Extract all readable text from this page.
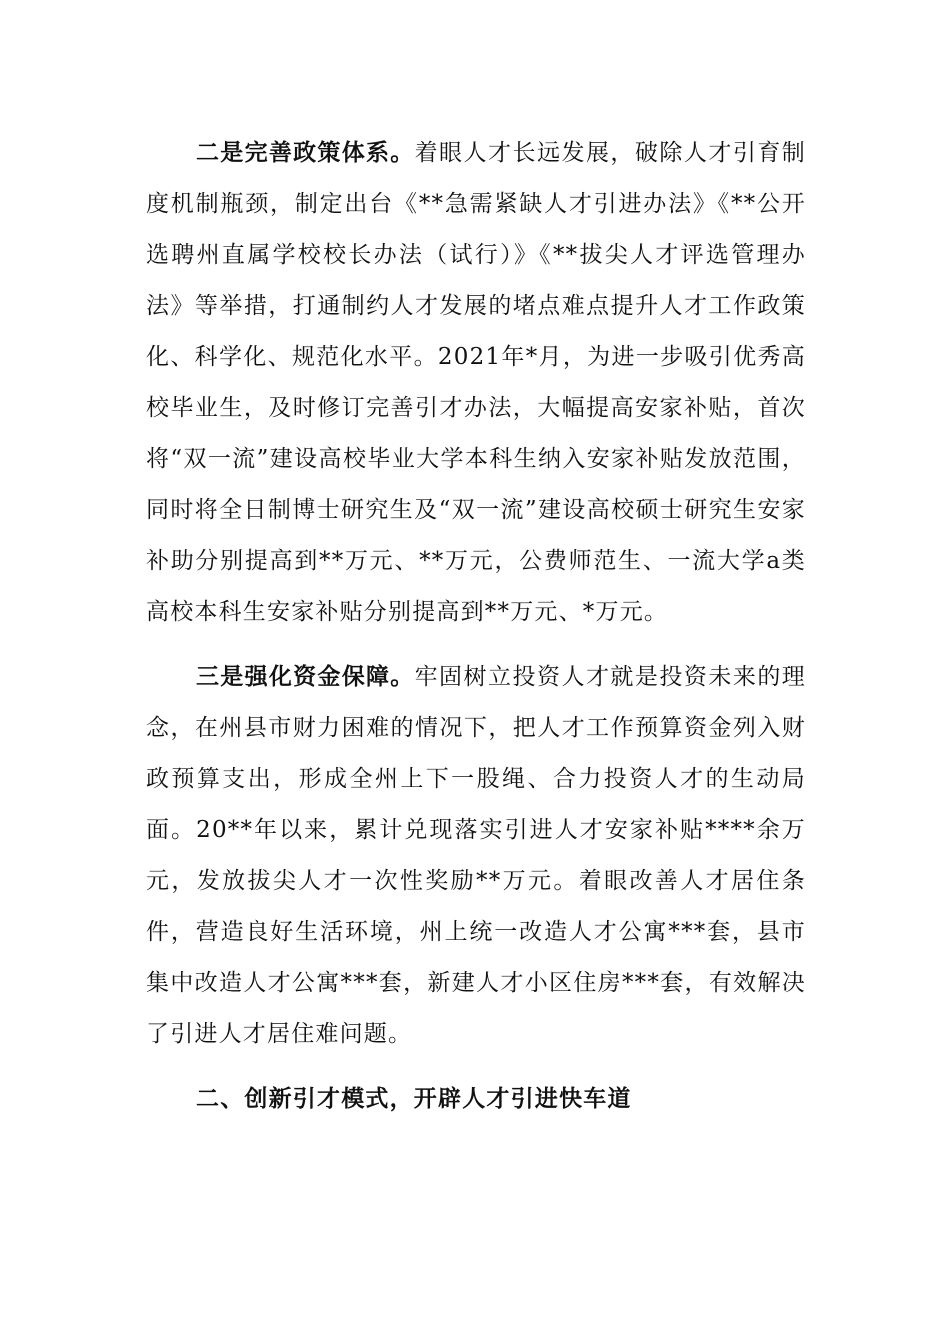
二是完善政策体系。着眼人才长远发展，破除人才引育制度机制瓶颈，制定出台《**急需紧缺人才引进办法》《**公开选聘州直属学校校长办法（试行）》《**拔尖人才评选管理办法》等举措，打通制约人才发展的堵点难点提升人才工作政策化、科学化、规范化水平。2021年*月，为进一步吸引优秀高校毕业生，及时修订完善引才办法，大幅提高安家补贴，首次将“双一流”建设高校毕业大学本科生纳入安家补贴发放范围，同时将全日制博士研究生及“双一流”建设高校硕士研究生安家补助分别提高到**万元、**万元，公费师范生、一流大学a类高校本科生安家补贴分别提高到**万元、*万元。

三是强化资金保障。牢固树立投资人才就是投资未来的理念，在州县市财力困难的情况下，把人才工作预算资金列入财政预算支出，形成全州上下一股绳、合力投资人才的生动局面。20**年以来，累计兑现落实引进人才安家补贴****余万元，发放拔尖人才一次性奖励**万元。着眼改善人才居住条件，营造良好生活环境，州上统一改造人才公寓***套，县市集中改造人才公寓***套，新建人才小区住房***套，有效解决了引进人才居住难问题。

二、创新引才模式，开辟人才引进快车道
